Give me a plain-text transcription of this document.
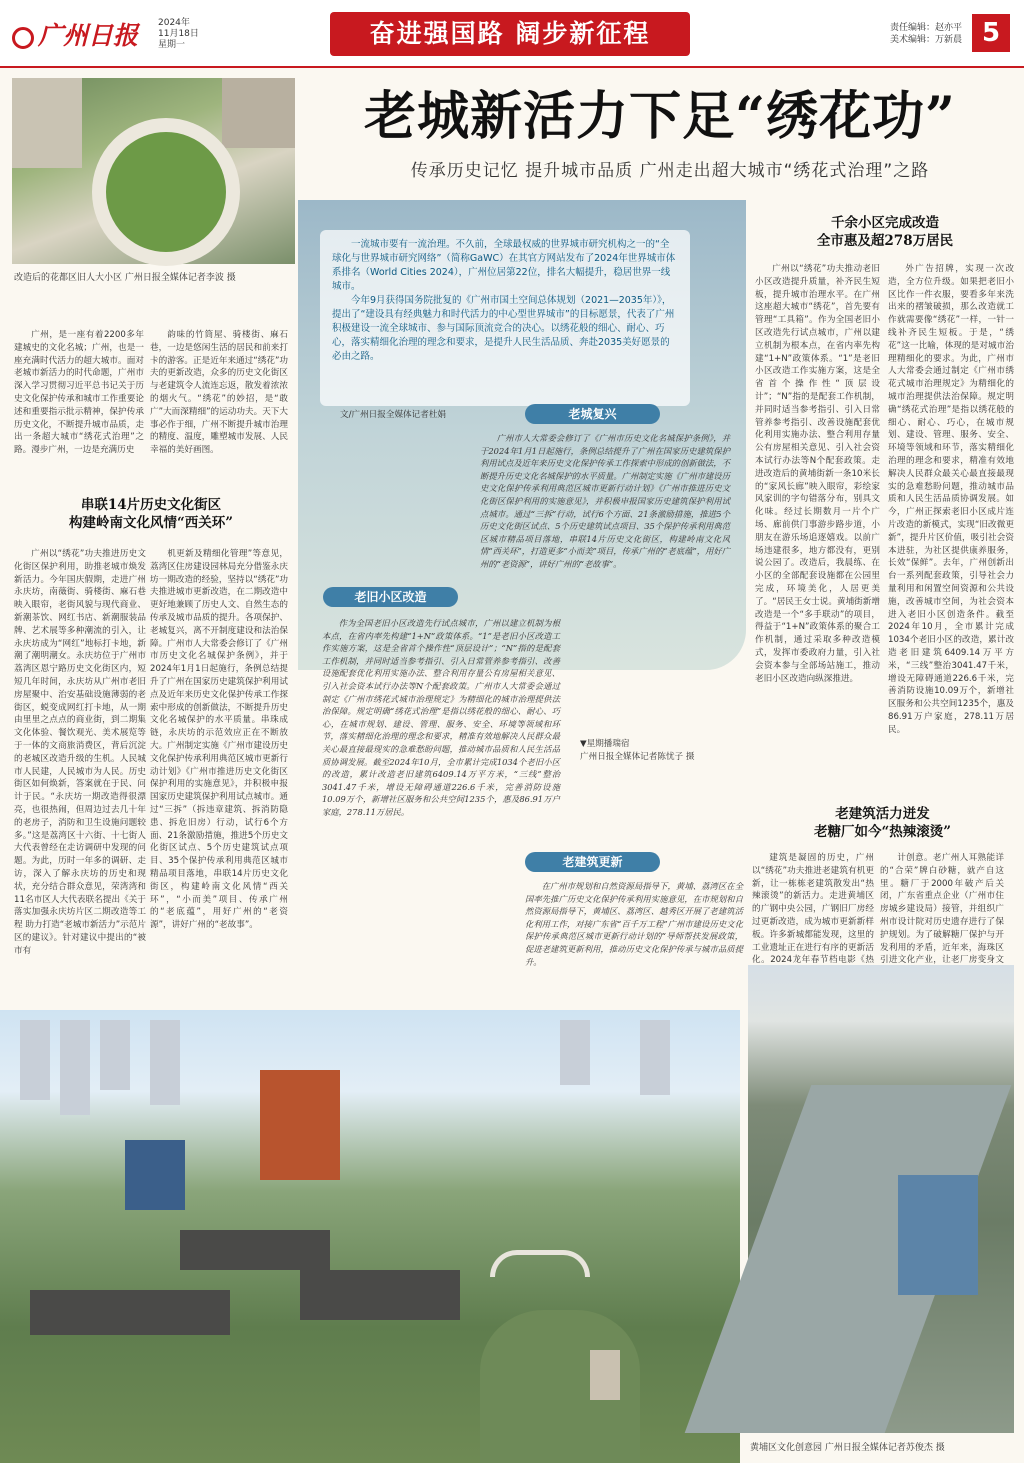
广州日报 2024年
11月18日
星期一	奋进强国路 阔步新征程	责任编辑：赵亦平
美术编辑：万新晨 5
改造后的花都区旧人大小区 广州日报全媒体记者李波 摄
老城新活力下足“绣花功”
传承历史记忆 提升城市品质 广州走出超大城市“绣花式治理”之路

广州，是一座有着2200多年建城史的文化名城；广州，也是一座充满时代活力的超大城市。面对老城市新活力的时代命题，广州市深入学习贯彻习近平总书记关于历史文化保护传承和城市工作重要论述和重要指示批示精神，保护传承历史文化，不断提升城市品质，走出一条超大城市“绣花式治理”之路。漫步广州，一边是充满历史

韵味的竹筒屋、骑楼街、麻石巷，一边是悠闲生活的居民和前来打卡的游客。正是近年来通过“绣花”功夫的更新改造，众多的历史文化街区与老建筑令人流连忘返，散发着浓浓的烟火气。“绣花”的妙招，是“敢广”大而深精细”的运动功夫。天下大事必作于细，广州不断提升城市治理的精度、温度，雕塑城市发展、人民幸福的美好画图。

串联14片历史文化街区
构建岭南文化风情“西关环”

广州以“绣花”功夫推进历史文化街区保护利用，助推老城市焕发新活力。今年国庆假期，走进广州永庆坊，南薇街、骑楼街、麻石巷映入眼帘，老街风貌与现代商业、新潮茶饮、网红书店、新潮服装品牌、艺术展等多种潮流的引入，让永庆坊成为“网红”地标打卡地，新潮了潮明潮女。永庆坊位于广州市荔湾区恩宁路历史文化街区内，短短几年时间，永庆坊从广州市老旧房屋聚中、治安基础设施薄弱的老街区，蜕变成网红打卡地，从一期由里里之点点的商业街，到二期集文化体验、餐饮观光、美术展览等于一体的文商旅消费区，背后沉淀的老城区改造升级的生机。人民城市人民建，人民城市为人民。历史街区如何焕新，答案就在于民、问计于民。“永庆坊一期改造得很漂亮，也很热闹，但周边过去几十年的老房子，消防和卫生设施问题较多。”这是荔湾区十六街、十七街人大代表曾经在走访调研中发现的问题。为此，历时一年多的调研、走访，深入了解永庆坊的历史和现状，充分结合群众意见，荣湾湾和11名市区人大代表联名提出《关于落实加强永庆坊片区二期改造等工程 助力打造“老城市新活力”示范片区的建议》。针对建议中提出的“被市有

机更新及精细化管理”等意见，荔湾区住房建设园林局充分借鉴永庆坊一期改造的经验，坚持以“绣花”功夫推进城市更新改造，在二期改造中更好地兼顾了历史人文、自然生态的传承及城市品质的提升。各项保护、老城复兴，离不开制度建设和法治保障。广州市人大常委会修订了《广州市历史文化名城保护条例》，并于2024年1月1日起施行，条例总结提升了广州在国家历史建筑保护利用试点及近年来历史文化保护传承工作探索中形成的创新做法，不断提升历史文化名城保护的水平质量。串珠成链，永庆坊的示范效应正在不断放大。广州制定实施《广州市建设历史文化保护传承利用典范区城市更新行动计划》《广州市推进历史文化街区保护利用的实施意见》，并积极申报国家历史建筑保护利用试点城市。通过“三拆”（拆违章建筑、拆消防隐患、拆危旧房）行动，试行6个方面、21条激励措施，推进5个历史文化街区试点、5个历史建筑试点项目、35个保护传承利用典范区城市精品项目落地，串联14片历史文化街区，构建岭南文化风情“西关环”，“小而美”项目、传承广州的“老底蕴”，用好广州的“老资源”，讲好广州的“老故事”。

一流城市要有一流治理。不久前，全球最权威的世界城市研究机构之一的“全球化与世界城市研究网络”（简称GaWC）在其官方网站发布了2024年世界城市体系排名（World Cities 2024），广州位居第22位，排名大幅提升，稳居世界一线城市。

今年9月获得国务院批复的《广州市国土空间总体规划（2021—2035年）》，提出了“建设具有经典魅力和时代活力的中心型世界城市”的目标愿景，代表了广州积极建设一流全球城市、参与国际顶流竞合的决心。以绣花般的细心、耐心、巧心，落实精细化治理的理念和要求，是提升人民生活品质、奔赴2035美好愿景的必由之路。

文/广州日报全媒体记者杜娟	老城复兴

广州市人大常委会修订了《广州市历史文化名城保护条例》，并于2024年1月1日起施行，条例总结提升了广州在国家历史建筑保护利用试点及近年来历史文化保护传承工作探索中形成的创新做法，不断提升历史文化名城保护的水平质量。广州制定实施《广州市建设历史文化保护传承利用典范区城市更新行动计划》《广州市推进历史文化街区保护利用的实施意见》，并积极申报国家历史建筑保护利用试点城市。通过“三拆”行动，试行6个方面、21条激励措施，推进5个历史文化街区试点、5个历史建筑试点项目、35个保护传承利用典范区城市精品项目落地，串联14片历史文化街区，构建岭南文化风情“西关环”，打造更多“小而美”项目，传承广州的“老底蕴”，用好广州的“老资源”，讲好广州的“老故事”。

老旧小区改造

作为全国老旧小区改造先行试点城市，广州以建立机制为根本点，在省内率先构建“1+N”政策体系。“1”是老旧小区改造工作实施方案，这是全省首个操作性“顶层设计”；“N”指的是配套工作机制，并同时适当参考指引、引入日常管养参考指引、改善设施配套优化利用实施办法、整合利用存量公有房屋相关意见、引入社会资本试行办法等N个配套政策。广州市人大常委会通过制定《广州市绣花式城市治理规定》为精细化的城市治理提供法治保障。规定明确“绣花式治理”是指以绣花般的细心、耐心、巧心，在城市规划、建设、管理、服务、安全、环境等领域和环节，落实精细化治理的理念和要求，精准有效地解决人民群众最关心最直接最现实的急难愁盼问题，推动城市品质和人民生活品质协调发展。截至2024年10月，全市累计完成1034个老旧小区的改造，累计改造老旧建筑6409.14万平方米，“三线”整治3041.47千米，增设无障碍通道226.6千米，完善消防设施10.09万个，新增社区服务和公共空间1235个，惠及86.91万户家庭，278.11万居民。

▼星期播瑞宿
广州日报全媒体记者陈忧子 摄
老建筑更新

在广州市规划和自然资源局指导下，黄埔、荔湾区在全国率先推广历史文化保护传承利用实施意见，在市规划和自然资源局指导下，黄埔区、荔湾区、越秀区开展了老建筑活化利用工作，对接广东省“百千万工程”广州市建设历史文化保护传承典范区城市更新行动计划的“导师帮扶发展政策，促进老建筑更新利用，推动历史文化保护传承与城市品质提升。

千余小区完成改造
全市惠及超278万居民

广州以“绣花”功夫推动老旧小区改造提升质量，补齐民生短板，提升城市治理水平。在广州这座超大城市“绣花”，首先要有管理“工具箱”。作为全国老旧小区改造先行试点城市，广州以建立机制为根本点，在省内率先构建“1+N”政策体系。“1”是老旧小区改造工作实施方案，这是全省首个操作性“顶层设计”；“N”指的是配套工作机制，并同时适当参考指引、引入日常管养参考指引、改善设施配套优化利用实施办法、整合利用存量公有房屋相关意见、引入社会资本试行办法等N个配套政策。走进改造后的黄埔街新一条10米长的“家风长廊”映入眼帘，彩绘家风家训的字句错落分布，别具文化味。经过长期数月一片个广场、廊前供门事游步路步道，小朋友在游乐场追逐嬉戏。以前广场违建很多，地方都没有，更别说公园了。改造后，我晨练、在小区的全部配套设施都在公园里完成，环境美化，人居更美了。“居民王女士说。黄埔街新增改造是一个“多手联动”的项目，得益于“1+N”政策体系的聚合工作机制，通过采取多种改造模式，发挥市委政府力量，引入社会资本参与全部场站施工，推动老旧小区改造向纵深推进。

外广告招牌，实现一次改造，全方位升级。如果把老旧小区比作一件衣服，要看多年来洗出来的褶皱破损，那么改造就工作就需要像“绣花”一样，一针一线补齐民生短板。于是，“绣花”这一比喻，体现的是对城市治理精细化的要求。为此，广州市人大常委会通过制定《广州市绣花式城市治理规定》为精细化的城市治理提供法治保障。规定明确“绣花式治理”是指以绣花般的细心、耐心、巧心，在城市规划、建设、管理、服务、安全、环境等领域和环节，落实精细化治理的理念和要求，精准有效地解决人民群众最关心最直接最现实的急难愁盼问题，推动城市品质和人民生活品质协调发展。如今，广州正探索老旧小区成片连片改造的新模式，实现“旧改微更新”，提升片区价值，吸引社会资本进驻，为社区提供康养服务，长效“保鲜”。去年，广州创新出台一系列配套政策，引导社会力量利用和闲置空间资源和公共设施，改善城市空间，为社会资本进入老旧小区创造条件。截至2024年10月，全市累计完成1034个老旧小区的改造，累计改造老旧建筑6409.14万平方米，“三线”整治3041.47千米，增设无障碍通道226.6千米，完善消防设施10.09万个，新增社区服务和公共空间1235个，惠及86.91万户家庭，278.11万居民。

老建筑活力迸发
老糖厂如今“热辣滚烫”

建筑是凝固的历史，广州以“绣花”功夫推进老建筑有机更新，让一栋栋老建筑散发出“热辣滚烫”的新活力。走进黄埔区的广钢中央公园，广钢旧厂房经过更新改造，成为城市更新新样板。许多新城都能发现，这里的工业遗址正在进行有序的更新活化。2024龙年春节档电影《热

计创意。老广州人耳熟能详的“合荣”牌白砂糖，就产自这里。糖厂于2000年破产后关闭，广东省重点企业（广州市住房城乡建设局）接管，并组织广州市设计院对历史遗存进行了保护规划。为了破解糖厂保护与开发利用的矛盾，近年来，海珠区引进文化产业，让老厂房变身文

黄埔区文化创意园 广州日报全媒体记者苏俊杰 摄
